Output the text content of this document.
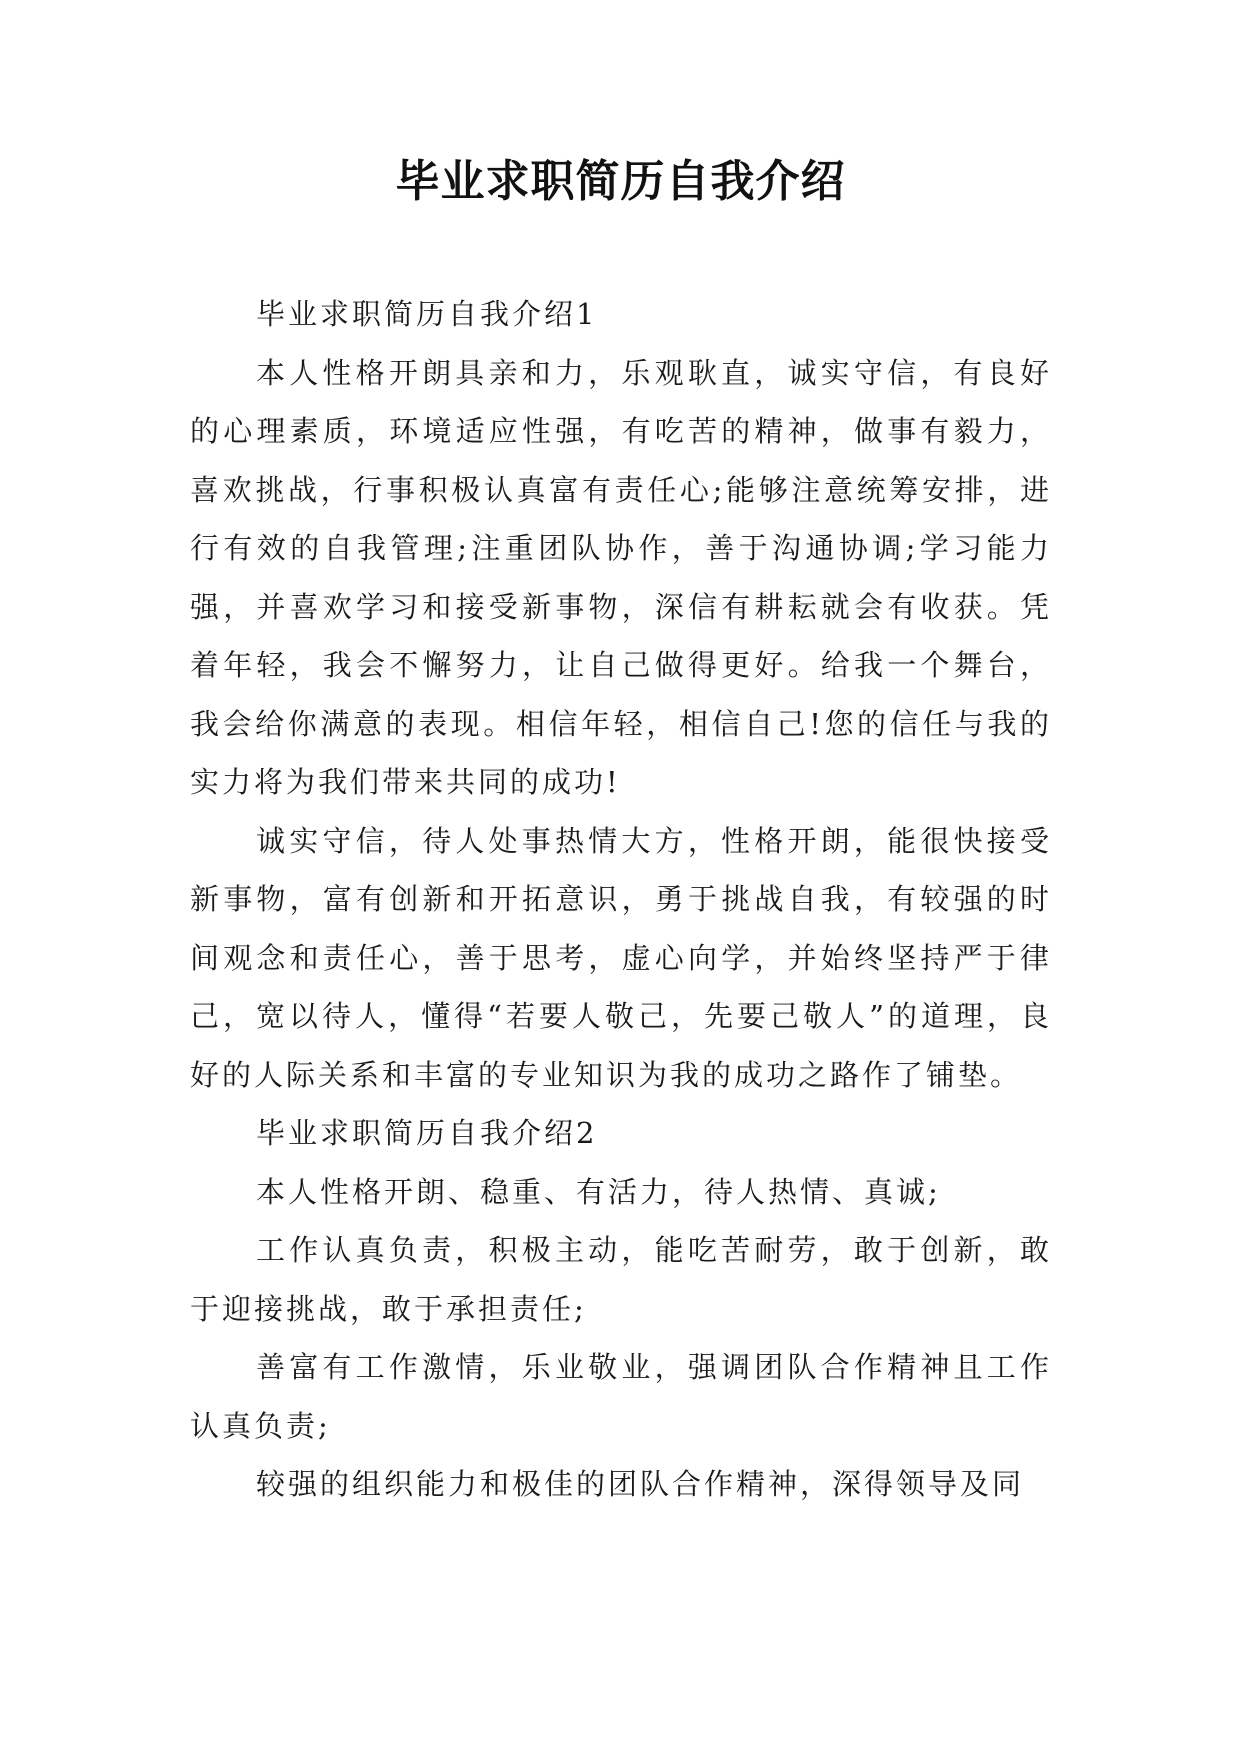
毕业求职简历自我介绍

毕业求职简历自我介绍1

本人性格开朗具亲和力，乐观耿直，诚实守信，有良好的心理素质，环境适应性强，有吃苦的精神，做事有毅力，喜欢挑战，行事积极认真富有责任心;能够注意统筹安排，进行有效的自我管理;注重团队协作，善于沟通协调;学习能力强，并喜欢学习和接受新事物，深信有耕耘就会有收获。凭着年轻，我会不懈努力，让自己做得更好。给我一个舞台，我会给你满意的表现。相信年轻，相信自己!您的信任与我的实力将为我们带来共同的成功!

诚实守信，待人处事热情大方，性格开朗，能很快接受新事物，富有创新和开拓意识，勇于挑战自我，有较强的时间观念和责任心，善于思考，虚心向学，并始终坚持严于律己，宽以待人，懂得“若要人敬己，先要己敬人”的道理，良好的人际关系和丰富的专业知识为我的成功之路作了铺垫。

毕业求职简历自我介绍2

本人性格开朗、稳重、有活力，待人热情、真诚;

工作认真负责，积极主动，能吃苦耐劳，敢于创新，敢于迎接挑战，敢于承担责任;

善富有工作激情，乐业敬业，强调团队合作精神且工作认真负责;

较强的组织能力和极佳的团队合作精神，深得领导及同
